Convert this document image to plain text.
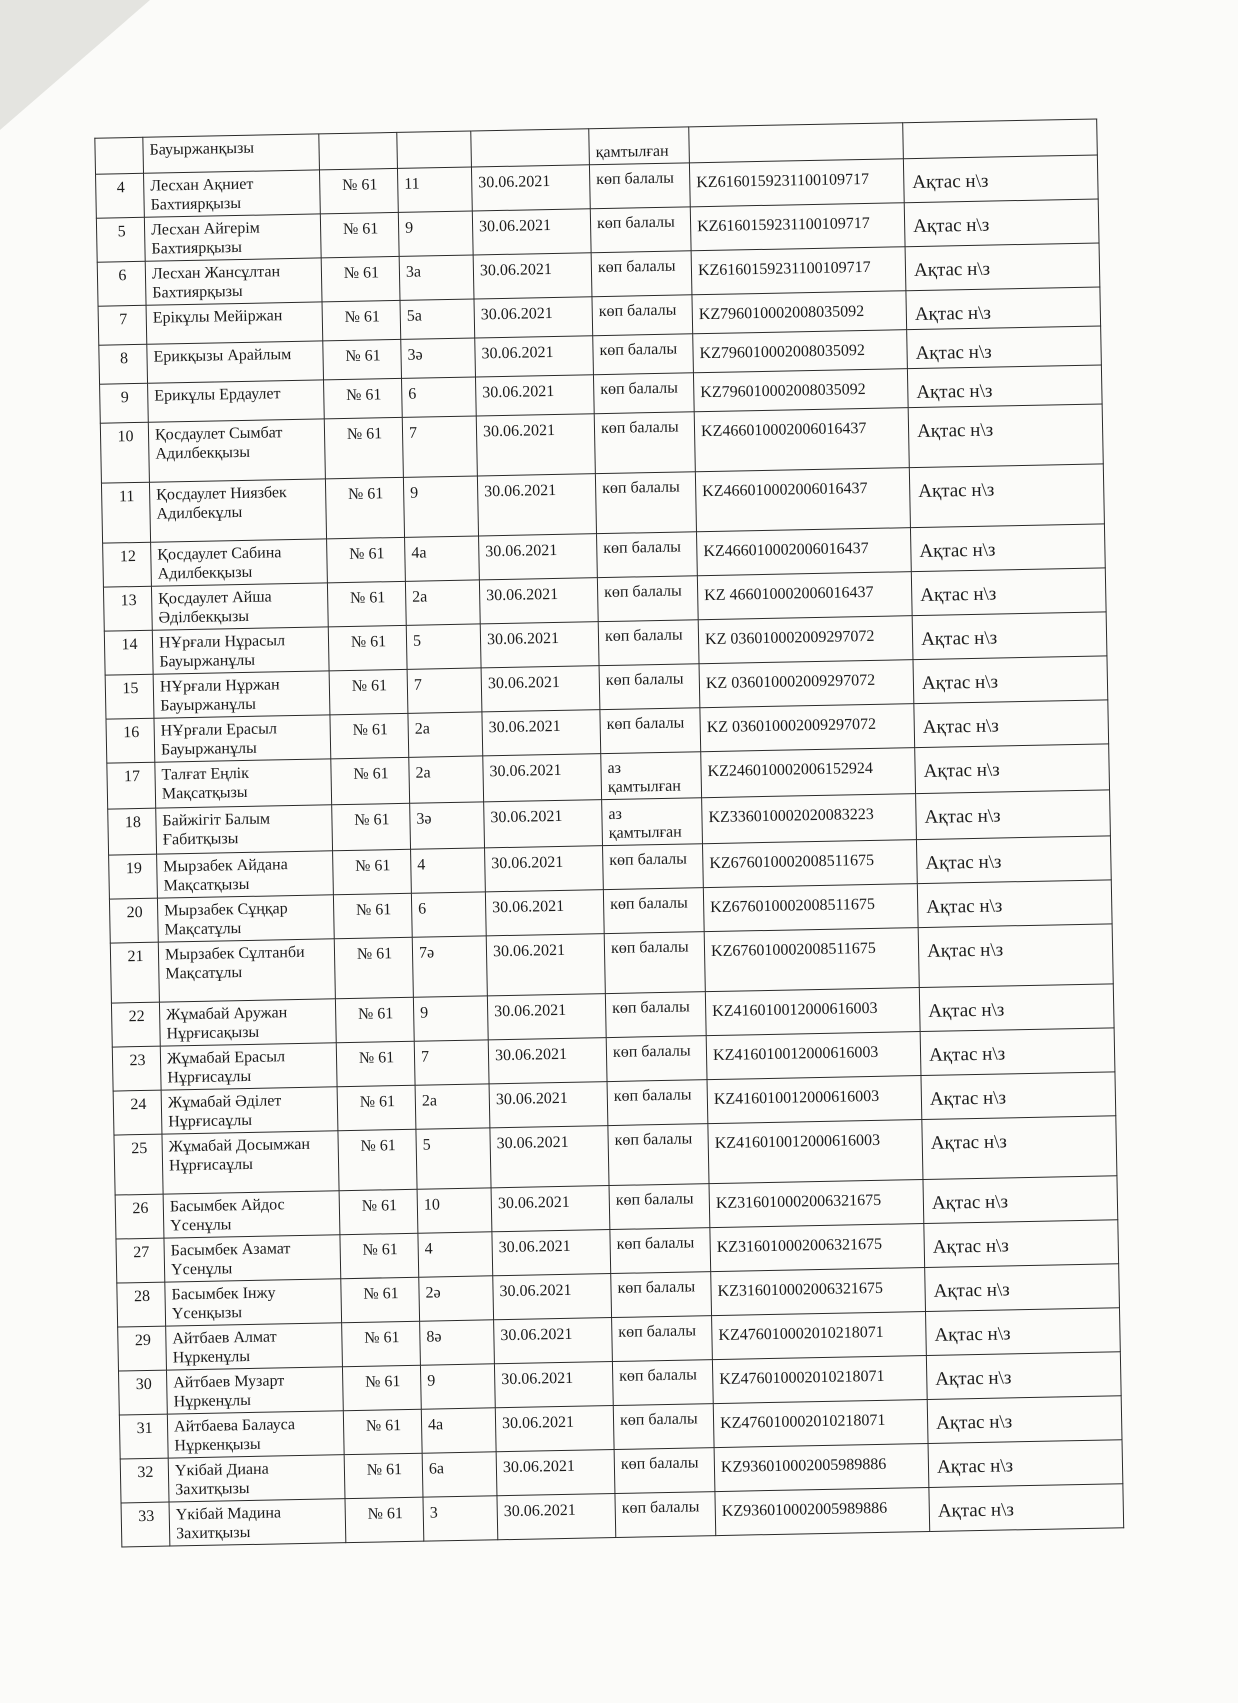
	Бауыржанқызы				қамтылған		
4	Лесхан Ақниет Бахтиярқызы	№ 61	11	30.06.2021	көп балалы	KZ6160159231100109717	Ақтас н\з
5	Лесхан Айгерім Бахтиярқызы	№ 61	9	30.06.2021	көп балалы	KZ6160159231100109717	Ақтас н\з
6	Лесхан Жансұлтан Бахтиярқызы	№ 61	3а	30.06.2021	көп балалы	KZ6160159231100109717	Ақтас н\з
7	Ерікұлы Мейіржан	№ 61	5а	30.06.2021	көп балалы	KZ796010002008035092	Ақтас н\з
8	Ерикқызы Арайлым	№ 61	3ә	30.06.2021	көп балалы	KZ796010002008035092	Ақтас н\з
9	Ерикұлы Ердаулет	№ 61	6	30.06.2021	көп балалы	KZ796010002008035092	Ақтас н\з
10	Қосдаулет Сымбат Адилбекқызы	№ 61	7	30.06.2021	көп балалы	KZ466010002006016437	Ақтас н\з
11	Қосдаулет Ниязбек Адилбекұлы	№ 61	9	30.06.2021	көп балалы	KZ466010002006016437	Ақтас н\з
12	Қосдаулет Сабина Адилбекқызы	№ 61	4а	30.06.2021	көп балалы	KZ466010002006016437	Ақтас н\з
13	Қосдаулет Айша Әділбекқызы	№ 61	2а	30.06.2021	көп балалы	KZ 466010002006016437	Ақтас н\з
14	НҰрғали Нұрасыл Бауыржанұлы	№ 61	5	30.06.2021	көп балалы	KZ 036010002009297072	Ақтас н\з
15	НҰрғали Нұржан Бауыржанұлы	№ 61	7	30.06.2021	көп балалы	KZ 036010002009297072	Ақтас н\з
16	НҰрғали Ерасыл Бауыржанұлы	№ 61	2а	30.06.2021	көп балалы	KZ 036010002009297072	Ақтас н\з
17	Талғат Еңлік Мақсатқызы	№ 61	2а	30.06.2021	аз қамтылған	KZ246010002006152924	Ақтас н\з
18	Байжігіт Балым Ғабитқызы	№ 61	3ә	30.06.2021	аз қамтылған	KZ336010002020083223	Ақтас н\з
19	Мырзабек Айдана Мақсатқызы	№ 61	4	30.06.2021	көп балалы	KZ676010002008511675	Ақтас н\з
20	Мырзабек Сұңқар Мақсатұлы	№ 61	6	30.06.2021	көп балалы	KZ676010002008511675	Ақтас н\з
21	Мырзабек Сұлтанби Мақсатұлы	№ 61	7ә	30.06.2021	көп балалы	KZ676010002008511675	Ақтас н\з
22	Жұмабай Аружан Нұрғисақызы	№ 61	9	30.06.2021	көп балалы	KZ416010012000616003	Ақтас н\з
23	Жұмабай Ерасыл Нұрғисаұлы	№ 61	7	30.06.2021	көп балалы	KZ416010012000616003	Ақтас н\з
24	Жұмабай Әділет Нұрғисаұлы	№ 61	2а	30.06.2021	көп балалы	KZ416010012000616003	Ақтас н\з
25	Жұмабай Досымжан Нұрғисаұлы	№ 61	5	30.06.2021	көп балалы	KZ416010012000616003	Ақтас н\з
26	Басымбек Айдос Үсенұлы	№ 61	10	30.06.2021	көп балалы	KZ316010002006321675	Ақтас н\з
27	Басымбек Азамат Үсенұлы	№ 61	4	30.06.2021	көп балалы	KZ316010002006321675	Ақтас н\з
28	Басымбек Інжу Үсенқызы	№ 61	2ә	30.06.2021	көп балалы	KZ316010002006321675	Ақтас н\з
29	Айтбаев Алмат Нұркенұлы	№ 61	8ә	30.06.2021	көп балалы	KZ476010002010218071	Ақтас н\з
30	Айтбаев Музарт Нұркенұлы	№ 61	9	30.06.2021	көп балалы	KZ476010002010218071	Ақтас н\з
31	Айтбаева Балауса Нұркенқызы	№ 61	4а	30.06.2021	көп балалы	KZ476010002010218071	Ақтас н\з
32	Үкібай Диана Захитқызы	№ 61	6а	30.06.2021	көп балалы	KZ936010002005989886	Ақтас н\з
33	Үкібай Мадина Захитқызы	№ 61	3	30.06.2021	көп балалы	KZ936010002005989886	Ақтас н\з
